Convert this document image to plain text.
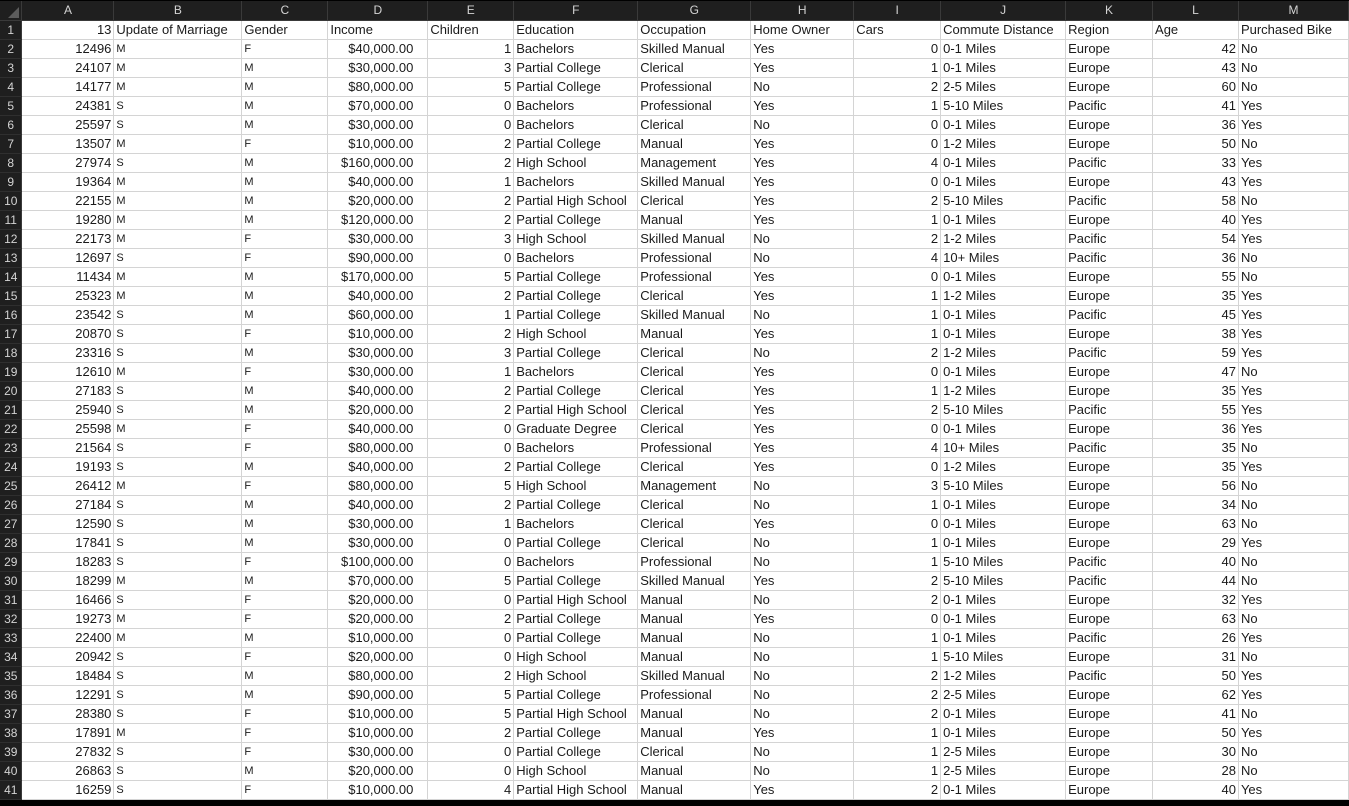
	A	B	C	D	E	F	G	H	I	J	K	L	M
1	13	Update of Marriage	Gender	Income	Children	Education	Occupation	Home Owner	Cars	Commute Distance	Region	Age	Purchased Bike
2	12496	M	F	$40,000.00	1	Bachelors	Skilled Manual	Yes	0	0-1 Miles	Europe	42	No
3	24107	M	M	$30,000.00	3	Partial College	Clerical	Yes	1	0-1 Miles	Europe	43	No
4	14177	M	M	$80,000.00	5	Partial College	Professional	No	2	2-5 Miles	Europe	60	No
5	24381	S	M	$70,000.00	0	Bachelors	Professional	Yes	1	5-10 Miles	Pacific	41	Yes
6	25597	S	M	$30,000.00	0	Bachelors	Clerical	No	0	0-1 Miles	Europe	36	Yes
7	13507	M	F	$10,000.00	2	Partial College	Manual	Yes	0	1-2 Miles	Europe	50	No
8	27974	S	M	$160,000.00	2	High School	Management	Yes	4	0-1 Miles	Pacific	33	Yes
9	19364	M	M	$40,000.00	1	Bachelors	Skilled Manual	Yes	0	0-1 Miles	Europe	43	Yes
10	22155	M	M	$20,000.00	2	Partial High School	Clerical	Yes	2	5-10 Miles	Pacific	58	No
11	19280	M	M	$120,000.00	2	Partial College	Manual	Yes	1	0-1 Miles	Europe	40	Yes
12	22173	M	F	$30,000.00	3	High School	Skilled Manual	No	2	1-2 Miles	Pacific	54	Yes
13	12697	S	F	$90,000.00	0	Bachelors	Professional	No	4	10+ Miles	Pacific	36	No
14	11434	M	M	$170,000.00	5	Partial College	Professional	Yes	0	0-1 Miles	Europe	55	No
15	25323	M	M	$40,000.00	2	Partial College	Clerical	Yes	1	1-2 Miles	Europe	35	Yes
16	23542	S	M	$60,000.00	1	Partial College	Skilled Manual	No	1	0-1 Miles	Pacific	45	Yes
17	20870	S	F	$10,000.00	2	High School	Manual	Yes	1	0-1 Miles	Europe	38	Yes
18	23316	S	M	$30,000.00	3	Partial College	Clerical	No	2	1-2 Miles	Pacific	59	Yes
19	12610	M	F	$30,000.00	1	Bachelors	Clerical	Yes	0	0-1 Miles	Europe	47	No
20	27183	S	M	$40,000.00	2	Partial College	Clerical	Yes	1	1-2 Miles	Europe	35	Yes
21	25940	S	M	$20,000.00	2	Partial High School	Clerical	Yes	2	5-10 Miles	Pacific	55	Yes
22	25598	M	F	$40,000.00	0	Graduate Degree	Clerical	Yes	0	0-1 Miles	Europe	36	Yes
23	21564	S	F	$80,000.00	0	Bachelors	Professional	Yes	4	10+ Miles	Pacific	35	No
24	19193	S	M	$40,000.00	2	Partial College	Clerical	Yes	0	1-2 Miles	Europe	35	Yes
25	26412	M	F	$80,000.00	5	High School	Management	No	3	5-10 Miles	Europe	56	No
26	27184	S	M	$40,000.00	2	Partial College	Clerical	No	1	0-1 Miles	Europe	34	No
27	12590	S	M	$30,000.00	1	Bachelors	Clerical	Yes	0	0-1 Miles	Europe	63	No
28	17841	S	M	$30,000.00	0	Partial College	Clerical	No	1	0-1 Miles	Europe	29	Yes
29	18283	S	F	$100,000.00	0	Bachelors	Professional	No	1	5-10 Miles	Pacific	40	No
30	18299	M	M	$70,000.00	5	Partial College	Skilled Manual	Yes	2	5-10 Miles	Pacific	44	No
31	16466	S	F	$20,000.00	0	Partial High School	Manual	No	2	0-1 Miles	Europe	32	Yes
32	19273	M	F	$20,000.00	2	Partial College	Manual	Yes	0	0-1 Miles	Europe	63	No
33	22400	M	M	$10,000.00	0	Partial College	Manual	No	1	0-1 Miles	Pacific	26	Yes
34	20942	S	F	$20,000.00	0	High School	Manual	No	1	5-10 Miles	Europe	31	No
35	18484	S	M	$80,000.00	2	High School	Skilled Manual	No	2	1-2 Miles	Pacific	50	Yes
36	12291	S	M	$90,000.00	5	Partial College	Professional	No	2	2-5 Miles	Europe	62	Yes
37	28380	S	F	$10,000.00	5	Partial High School	Manual	No	2	0-1 Miles	Europe	41	No
38	17891	M	F	$10,000.00	2	Partial College	Manual	Yes	1	0-1 Miles	Europe	50	Yes
39	27832	S	F	$30,000.00	0	Partial College	Clerical	No	1	2-5 Miles	Europe	30	No
40	26863	S	M	$20,000.00	0	High School	Manual	No	1	2-5 Miles	Europe	28	No
41	16259	S	F	$10,000.00	4	Partial High School	Manual	Yes	2	0-1 Miles	Europe	40	Yes
